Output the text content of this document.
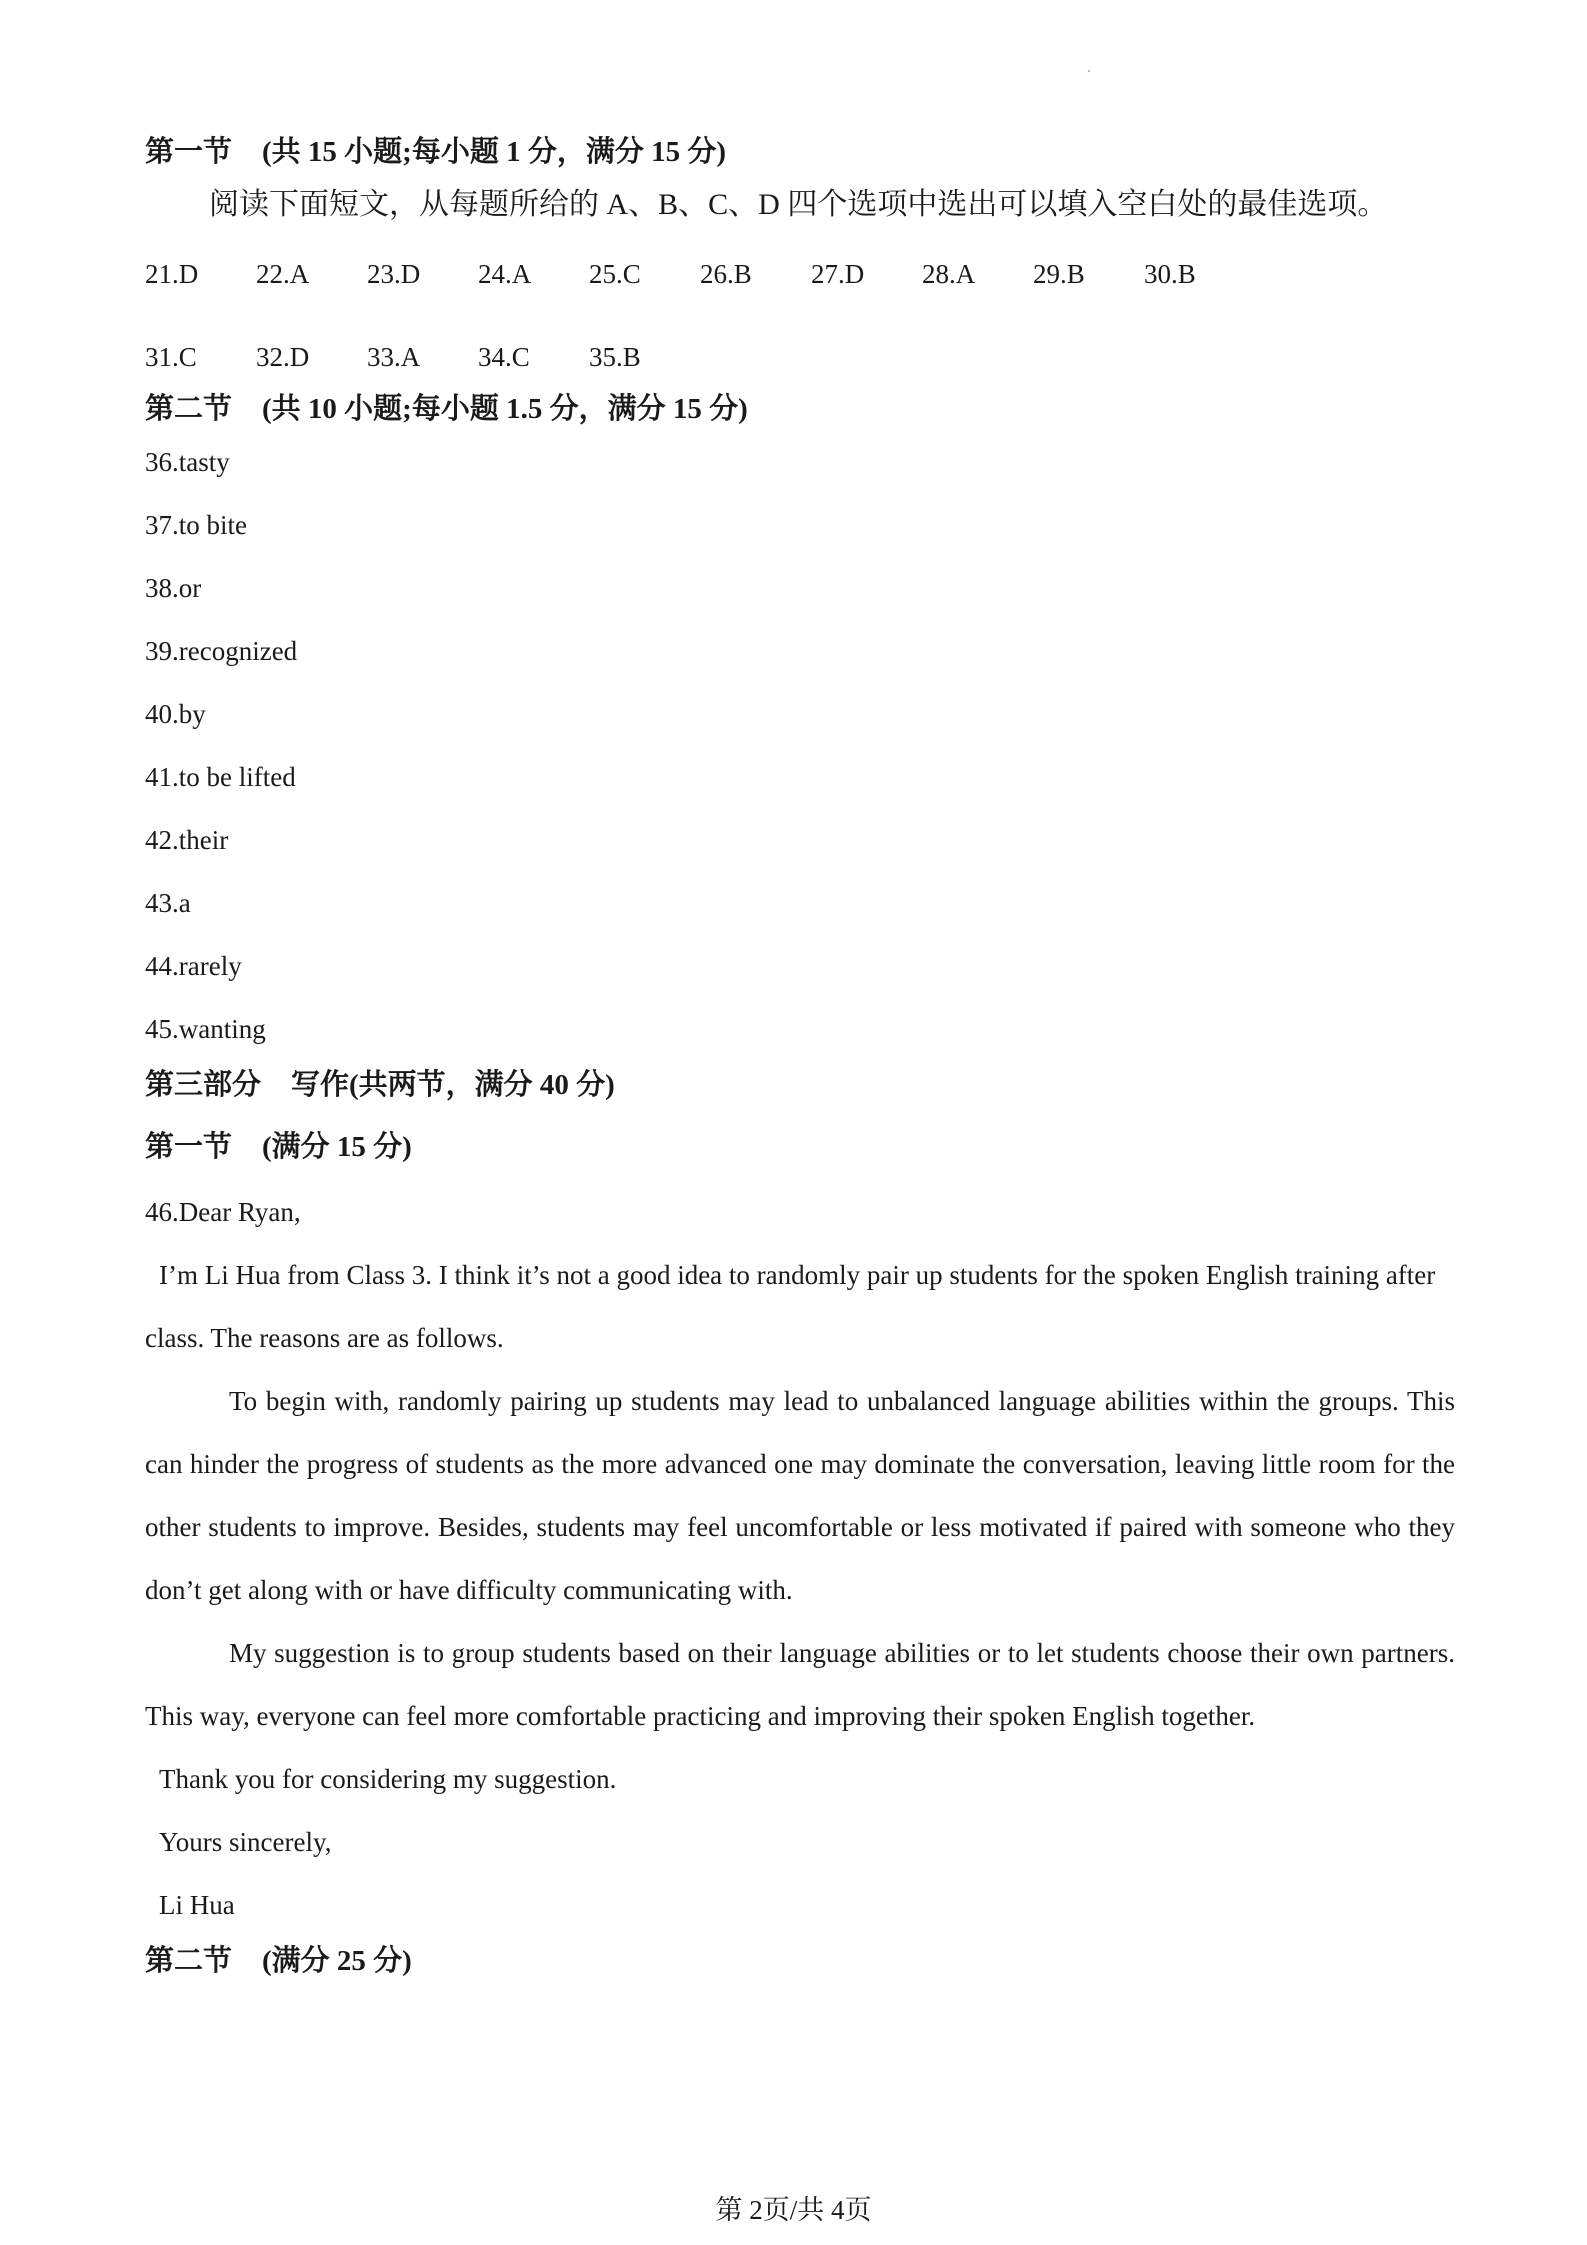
第一节 (共 15 小题;每小题 1 分，满分 15 分)

阅读下面短文，从每题所给的 A、B、C、D 四个选项中选出可以填入空白处的最佳选项。

21.D	22.A	23.D	24.A	25.C	26.B	27.D	28.A	29.B	30.B
31.C	32.D	33.A	34.C	35.B

第二节 (共 10 小题;每小题 1.5 分，满分 15 分)

36.tasty
37.to bite
38.or
39.recognized
40.by
41.to be lifted
42.their
43.a
44.rarely
45.wanting

第三部分 写作(共两节，满分 40 分)

第一节 (满分 15 分)

46.Dear Ryan,

I’m Li Hua from Class 3. I think it’s not a good idea to randomly pair up students for the spoken English training after class. The reasons are as follows.

To begin with, randomly pairing up students may lead to unbalanced language abilities within the groups. This can hinder the progress of students as the more advanced one may dominate the conversation, leaving little room for the other students to improve. Besides, students may feel uncomfortable or less motivated if paired with someone who they don’t get along with or have difficulty communicating with.

My suggestion is to group students based on their language abilities or to let students choose their own partners. This way, everyone can feel more comfortable practicing and improving their spoken English together.

Thank you for considering my suggestion.

Yours sincerely,

Li Hua

第二节 (满分 25 分)

第 2页/共 4页
